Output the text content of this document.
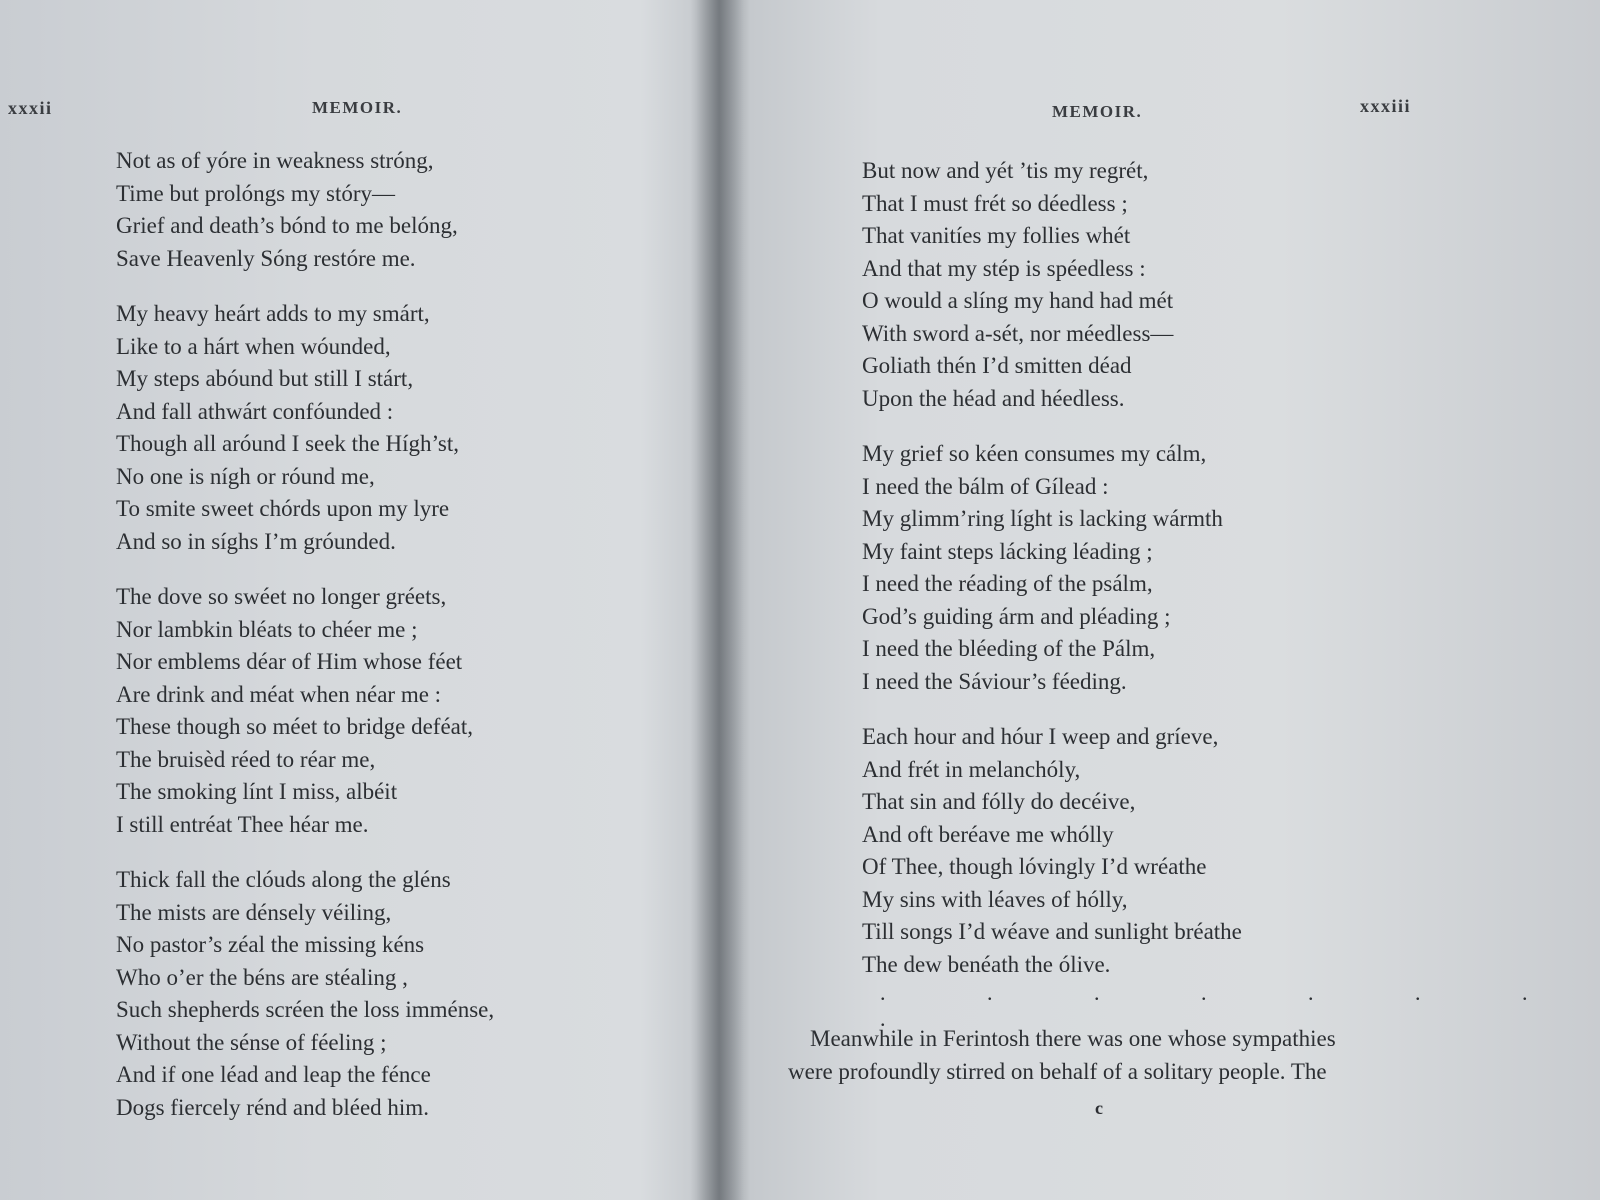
xxxii	MEMOIR.
Not as of yóre in weakness stróng,
Time but prolóngs my stóry—
Grief and death’s bónd to me belóng,
Save Heavenly Sóng restóre me.
My heavy heárt adds to my smárt,
Like to a hárt when wóunded,
My steps abóund but still I stárt,
And fall athwárt confóunded :
Though all aróund I seek the Hígh’st,
No one is nígh or róund me,
To smite sweet chórds upon my lyre
And so in síghs I’m gróunded.
The dove so swéet no longer gréets,
Nor lambkin bléats to chéer me ;
Nor emblems déar of Him whose féet
Are drink and méat when néar me :
These though so méet to bridge deféat,
The bruisèd réed to réar me,
The smoking línt I miss, albéit
I still entréat Thee héar me.
Thick fall the clóuds along the gléns
The mists are dénsely véiling,
No pastor’s zéal the missing kéns
Who o’er the béns are stéaling ,
Such shepherds scréen the loss imménse,
Without the sénse of féeling ;
And if one léad and leap the fénce
Dogs fiercely rénd and bléed him.
MEMOIR.	xxxiii
But now and yét ’tis my regrét,
That I must frét so déedless ;
That vanitíes my follies whét
And that my stép is spéedless :
O would a slíng my hand had mét
With sword a-sét, nor méedless—
Goliath thén I’d smitten déad
Upon the héad and héedless.
My grief so kéen consumes my cálm,
I need the bálm of Gílead :
My glimm’ring líght is lacking wármth
My faint steps lácking léading ;
I need the réading of the psálm,
God’s guiding árm and pléading ;
I need the bléeding of the Pálm,
I need the Sáviour’s féeding.
Each hour and hóur I weep and gríeve,
And frét in melanchóly,
That sin and fólly do decéive,
And oft beréave me whólly
Of Thee, though lóvingly I’d wréathe
My sins with léaves of hólly,
Till songs I’d wéave and sunlight bréathe
The dew benéath the ólive.
. . . . . . . .
Meanwhile in Ferintosh there was one whose sympathies
were profoundly stirred on behalf of a solitary people. The
c
